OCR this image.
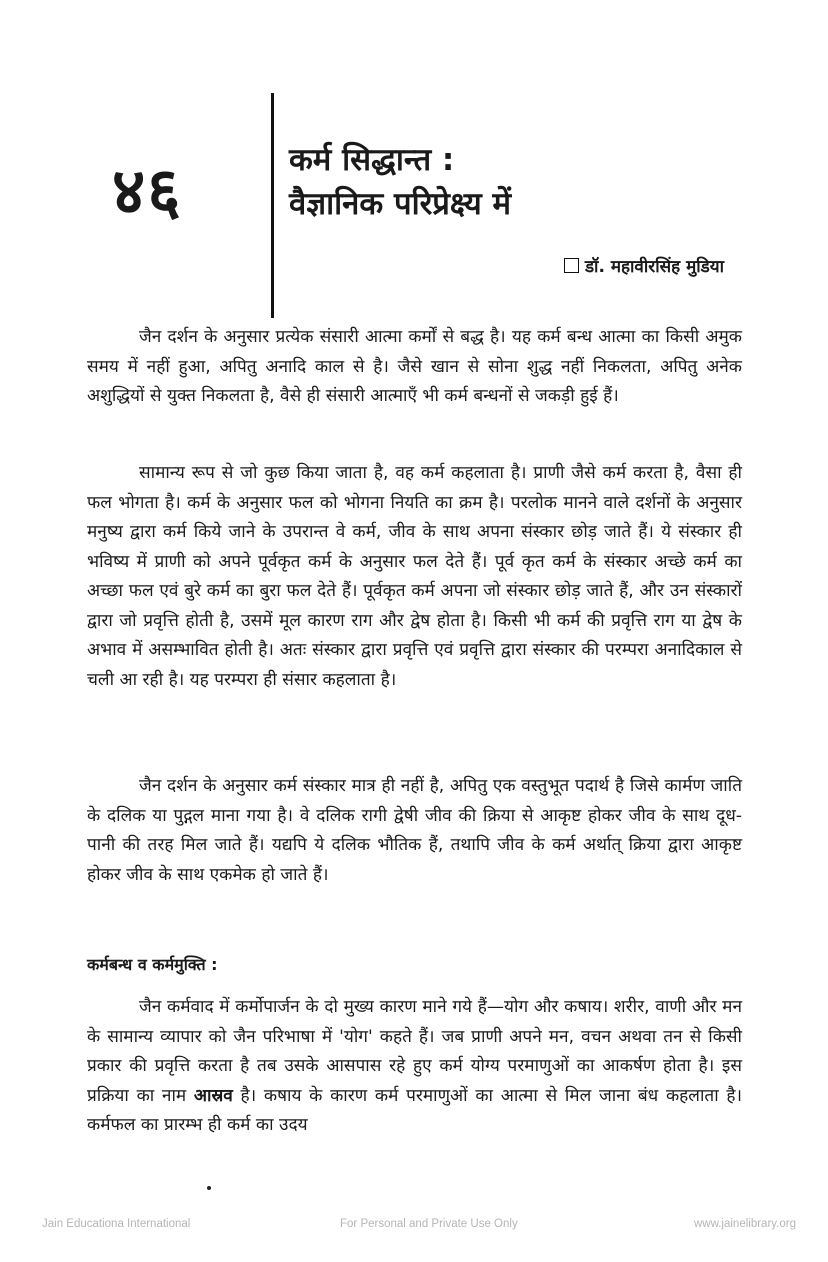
४६	कर्म सिद्धान्त :
वैज्ञानिक परिप्रेक्ष्य में
डॉ. महावीरसिंह मुडिया

जैन दर्शन के अनुसार प्रत्येक संसारी आत्मा कर्मों से बद्ध है। यह कर्म बन्ध आत्मा का किसी अमुक समय में नहीं हुआ, अपितु अनादि काल से है। जैसे खान से सोना शुद्ध नहीं निकलता, अपितु अनेक अशुद्धियों से युक्त निकलता है, वैसे ही संसारी आत्माएँ भी कर्म बन्धनों से जकड़ी हुई हैं।

सामान्य रूप से जो कुछ किया जाता है, वह कर्म कहलाता है। प्राणी जैसे कर्म करता है, वैसा ही फल भोगता है। कर्म के अनुसार फल को भोगना नियति का क्रम है। परलोक मानने वाले दर्शनों के अनुसार मनुष्य द्वारा कर्म किये जाने के उपरान्त वे कर्म, जीव के साथ अपना संस्कार छोड़ जाते हैं। ये संस्कार ही भविष्य में प्राणी को अपने पूर्वकृत कर्म के अनुसार फल देते हैं। पूर्व कृत कर्म के संस्कार अच्छे कर्म का अच्छा फल एवं बुरे कर्म का बुरा फल देते हैं। पूर्वकृत कर्म अपना जो संस्कार छोड़ जाते हैं, और उन संस्कारों द्वारा जो प्रवृत्ति होती है, उसमें मूल कारण राग और द्वेष होता है। किसी भी कर्म की प्रवृत्ति राग या द्वेष के अभाव में असम्भावित होती है। अतः संस्कार द्वारा प्रवृत्ति एवं प्रवृत्ति द्वारा संस्कार की परम्परा अनादिकाल से चली आ रही है। यह परम्परा ही संसार कहलाता है।

जैन दर्शन के अनुसार कर्म संस्कार मात्र ही नहीं है, अपितु एक वस्तुभूत पदार्थ है जिसे कार्मण जाति के दलिक या पुद्गल माना गया है। वे दलिक रागी द्वेषी जीव की क्रिया से आकृष्ट होकर जीव के साथ दूध-पानी की तरह मिल जाते हैं। यद्यपि ये दलिक भौतिक हैं, तथापि जीव के कर्म अर्थात् क्रिया द्वारा आकृष्ट होकर जीव के साथ एकमेक हो जाते हैं।

कर्मबन्ध व कर्ममुक्ति :

जैन कर्मवाद में कर्मोपार्जन के दो मुख्य कारण माने गये हैं—योग और कषाय। शरीर, वाणी और मन के सामान्य व्यापार को जैन परिभाषा में 'योग' कहते हैं। जब प्राणी अपने मन, वचन अथवा तन से किसी प्रकार की प्रवृत्ति करता है तब उसके आसपास रहे हुए कर्म योग्य परमाणुओं का आकर्षण होता है। इस प्रक्रिया का नाम आस्रव है। कषाय के कारण कर्म परमाणुओं का आत्मा से मिल जाना बंध कहलाता है। कर्मफल का प्रारम्भ ही कर्म का उदय

Jain Educationa International	For Personal and Private Use Only	www.jainelibrary.org
